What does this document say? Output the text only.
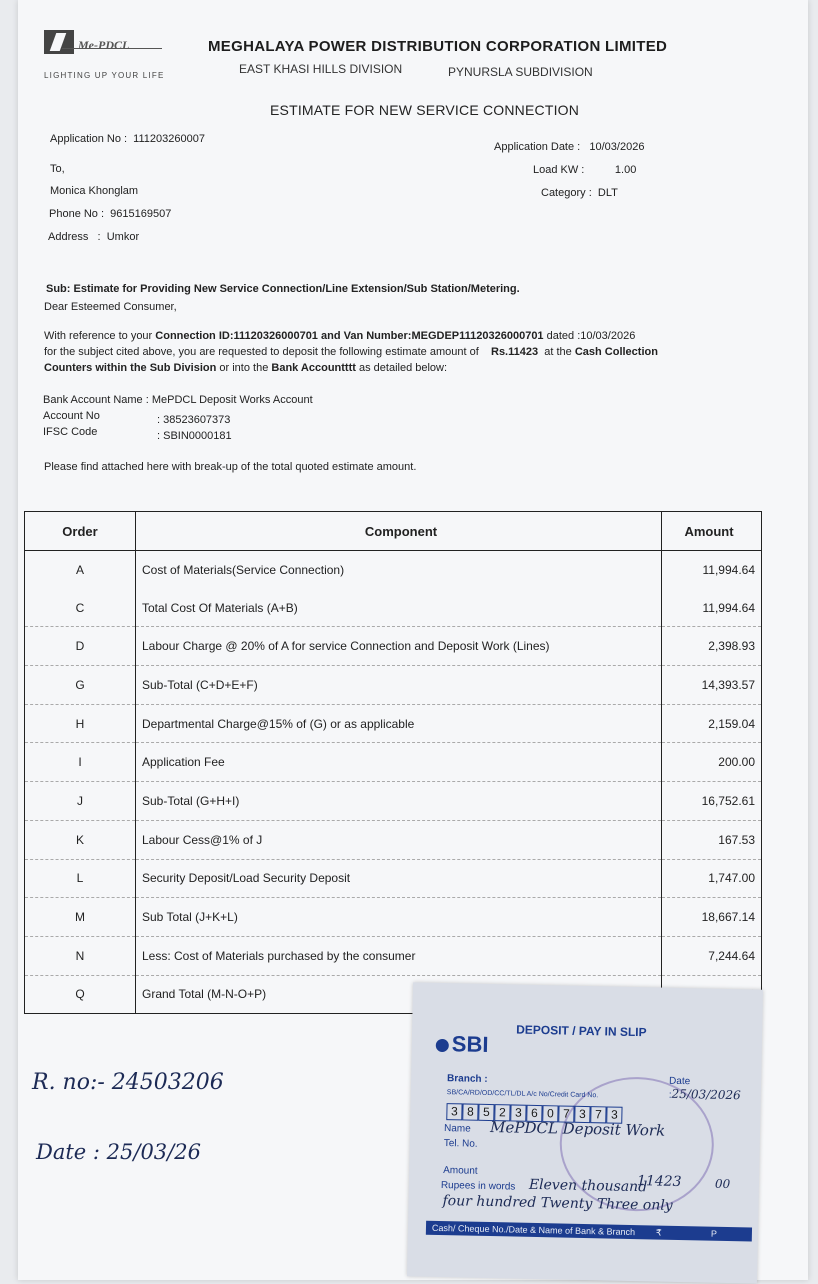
Me-PDCL
LIGHTING UP YOUR LIFE
MEGHALAYA POWER DISTRIBUTION CORPORATION LIMITED
EAST KHASI HILLS DIVISION	PYNURSLA SUBDIVISION
ESTIMATE FOR NEW SERVICE CONNECTION
Application No : 111203260007
To,
Monica Khonglam
Phone No : 9615169507
Address : Umkor
Application Date : 10/03/2026
Load KW :	1.00
Category : DLT
Sub: Estimate for Providing New Service Connection/Line Extension/Sub Station/Metering.
Dear Esteemed Consumer,
With reference to your Connection ID:11120326000701 and Van Number:MEGDEP11120326000701 dated :10/03/2026
for the subject cited above, you are requested to deposit the following estimate amount of Rs.11423 at the Cash Collection
Counters within the Sub Division or into the Bank Accountttt as detailed below:
Bank Account Name : MePDCL Deposit Works Account
Account No	: 38523607373
IFSC Code	: SBIN0000181
Please find attached here with break-up of the total quoted estimate amount.
Order	Component	Amount
A	Cost of Materials(Service Connection)	11,994.64
C	Total Cost Of Materials (A+B)	11,994.64
D	Labour Charge @ 20% of A for service Connection and Deposit Work (Lines)	2,398.93
G	Sub-Total (C+D+E+F)	14,393.57
H	Departmental Charge@15% of (G) or as applicable	2,159.04
I	Application Fee	200.00
J	Sub-Total (G+H+I)	16,752.61
K	Labour Cess@1% of J	167.53
L	Security Deposit/Load Security Deposit	1,747.00
M	Sub Total (J+K+L)	18,667.14
N	Less: Cost of Materials purchased by the consumer	7,244.64
Q	Grand Total (M-N-O+P)	
R. no:- 24503206
Date : 25/03/26
SBI
DEPOSIT / PAY IN SLIP
Branch :
SB/CA/RD/OD/CC/TL/DL A/c No/Credit Card No.
Date :25/03/2026
3 8 5 2 3 6 0 7 3 7 3
Name MePDCL Deposit Work
Tel. No.
Amount
11423	00
Rupees in words Eleven thousand
four hundred Twenty Three only
Cash/ Cheque No./Date & Name of Bank & Branch ₹	P
